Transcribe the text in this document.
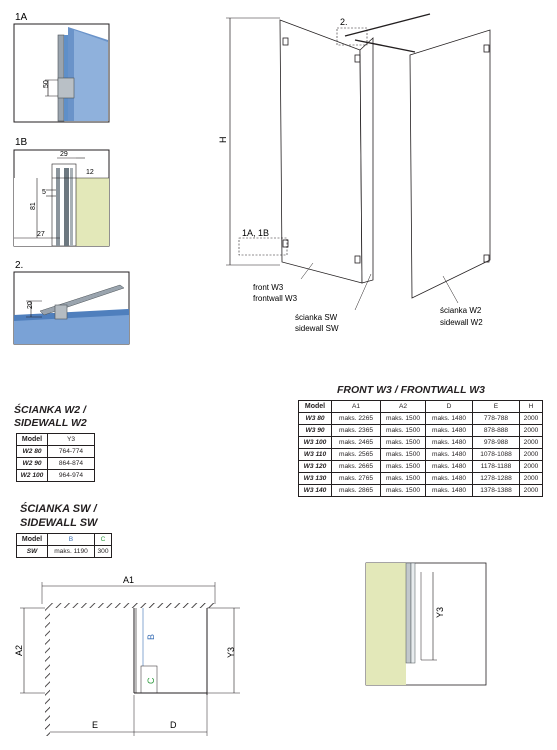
1A
50
1B
29
12
5
81
27
2.
20
H
2.
1A, 1B
front W3
frontwall W3
ścianka SW
sidewall SW
ścianka W2
sidewall W2
FRONT W3 / FRONTWALL W3
Model	A1	A2	D	E	H
W3 80	maks. 2265	maks. 1500	maks. 1480	778-788	2000
W3 90	maks. 2365	maks. 1500	maks. 1480	878-888	2000
W3 100	maks. 2465	maks. 1500	maks. 1480	978-988	2000
W3 110	maks. 2565	maks. 1500	maks. 1480	1078-1088	2000
W3 120	maks. 2665	maks. 1500	maks. 1480	1178-1188	2000
W3 130	maks. 2765	maks. 1500	maks. 1480	1278-1288	2000
W3 140	maks. 2865	maks. 1500	maks. 1480	1378-1388	2000
ŚCIANKA W2 /
SIDEWALL W2
Model	Y3
W2 80	764-774
W2 90	864-874
W2 100	964-974
ŚCIANKA SW /
SIDEWALL SW
Model	B	C
SW	maks. 1190	300
A1
A2
B
C
Y3
E	D
Y3
